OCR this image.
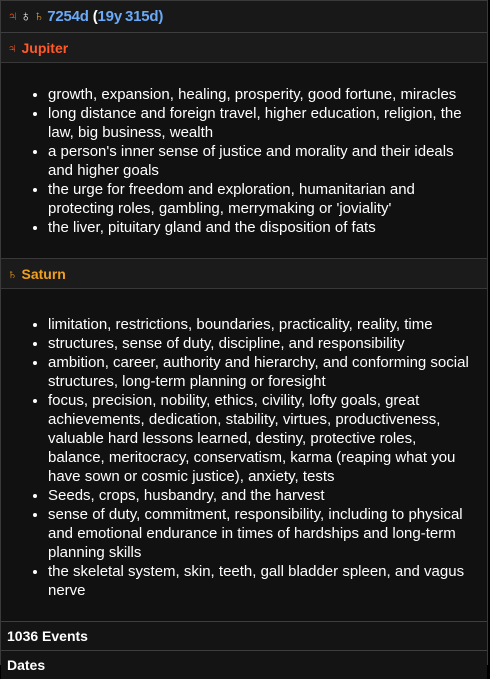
♃ ♁ ♄ 7254d ( 19y 315d)
♃ Jupiter
• growth, expansion, healing, prosperity, good fortune, miracles
• long distance and foreign travel, higher education, religion, the law, big business, wealth
• a person's inner sense of justice and morality and their ideals and higher goals
• the urge for freedom and exploration, humanitarian and protecting roles, gambling, merrymaking or 'joviality'
• the liver, pituitary gland and the disposition of fats
♄ Saturn
• limitation, restrictions, boundaries, practicality, reality, time
• structures, sense of duty, discipline, and responsibility
• ambition, career, authority and hierarchy, and conforming social structures, long-term planning or foresight
• focus, precision, nobility, ethics, civility, lofty goals, great achievements, dedication, stability, virtues, productiveness, valuable hard lessons learned, destiny, protective roles, balance, meritocracy, conservatism, karma (reaping what you have sown or cosmic justice), anxiety, tests
• Seeds, crops, husbandry, and the harvest
• sense of duty, commitment, responsibility, including to physical and emotional endurance in times of hardships and long-term planning skills
• the skeletal system, skin, teeth, gall bladder spleen, and vagus nerve
1036 Events
Dates
